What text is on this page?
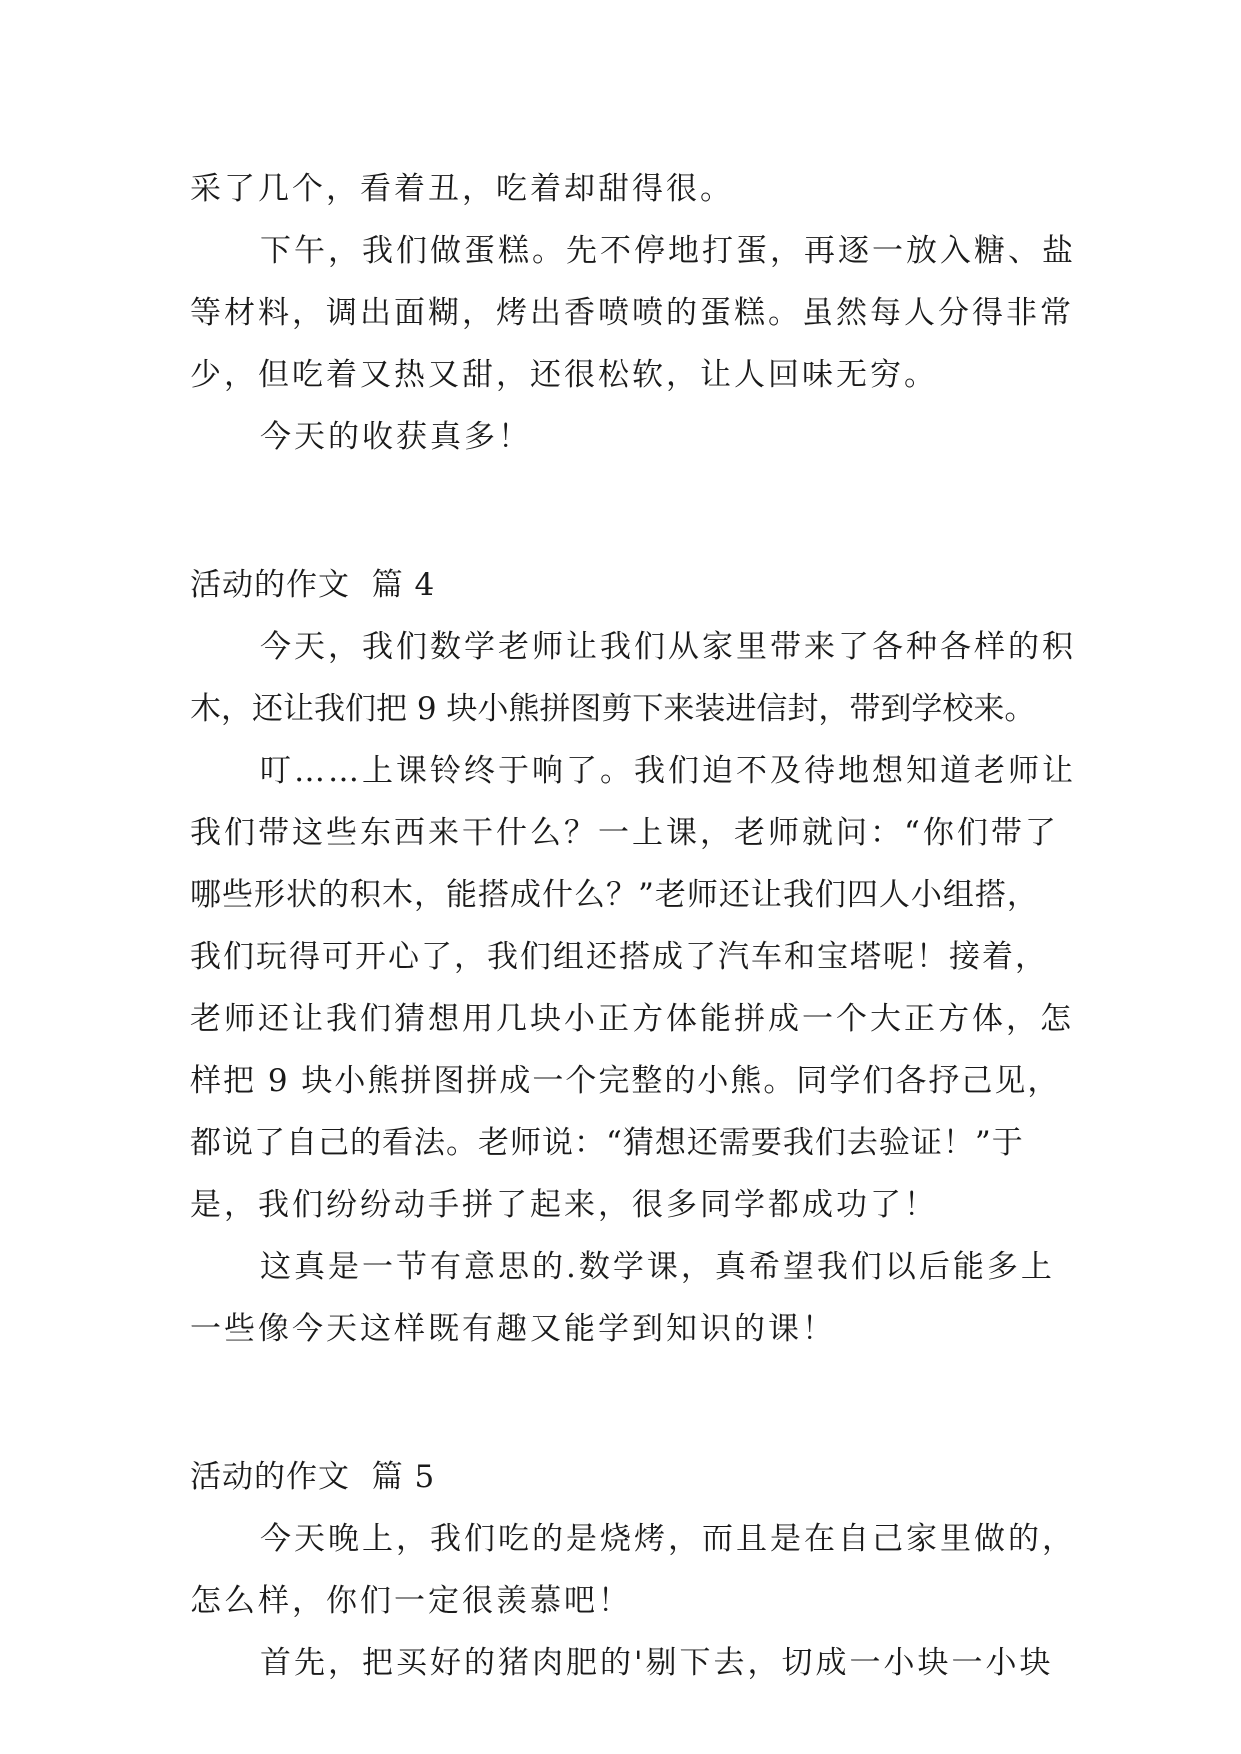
采了几个，看着丑，吃着却甜得很。
下午，我们做蛋糕。先不停地打蛋，再逐一放入糖、盐
等材料，调出面糊，烤出香喷喷的蛋糕。虽然每人分得非常
少，但吃着又热又甜，还很松软，让人回味无穷。
今天的收获真多！
活动的作文  篇 4
今天，我们数学老师让我们从家里带来了各种各样的积
木，还让我们把 9 块小熊拼图剪下来装进信封，带到学校来。
叮……上课铃终于响了。我们迫不及待地想知道老师让
我们带这些东西来干什么？一上课，老师就问：“你们带了
哪些形状的积木，能搭成什么？”老师还让我们四人小组搭，
我们玩得可开心了，我们组还搭成了汽车和宝塔呢！接着，
老师还让我们猜想用几块小正方体能拼成一个大正方体，怎
样把 9 块小熊拼图拼成一个完整的小熊。同学们各抒己见，
都说了自己的看法。老师说：“猜想还需要我们去验证！”于
是，我们纷纷动手拼了起来，很多同学都成功了！
这真是一节有意思的.数学课，真希望我们以后能多上
一些像今天这样既有趣又能学到知识的课！
活动的作文  篇 5
今天晚上，我们吃的是烧烤，而且是在自己家里做的，
怎么样，你们一定很羡慕吧！
首先，把买好的猪肉肥的'剔下去，切成一小块一小块
